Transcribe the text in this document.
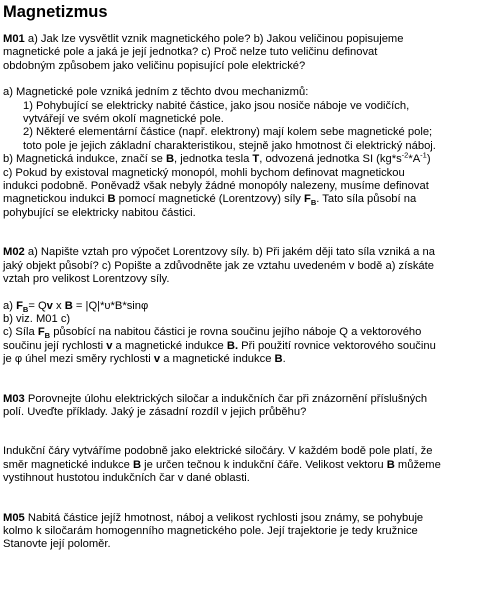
Magnetizmus

M01 a) Jak lze vysvětlit vznik magnetického pole? b) Jakou veličinou popisujeme

magnetické pole a jaká je její jednotka? c) Proč nelze tuto veličinu definovat

obdobným způsobem jako veličinu popisující pole elektrické?

a) Magnetické pole vzniká jedním z těchto dvou mechanizmů:

1) Pohybující se elektricky nabité částice, jako jsou nosiče náboje ve vodičích,

vytvářejí ve svém okolí magnetické pole.

2) Některé elementární částice (např. elektrony) mají kolem sebe magnetické pole;

toto pole je jejich základní charakteristikou, stejně jako hmotnost či elektrický náboj.

b) Magnetická indukce, značí se B, jednotka tesla T, odvozená jednotka SI $(kg*s^{-2}*A^{-1})$

c) Pokud by existoval magnetický monopól, mohli bychom definovat magnetickou

indukci podobně. Poněvadž však nebyly žádné monopóly nalezeny, musíme definovat

magnetickou indukci B pomocí magnetické (Lorentzovy) síly $F_B$. Tato síla působí na

pohybující se elektricky nabitou částici.

M02 a) Napište vztah pro výpočet Lorentzovy síly. b) Při jakém ději tato síla vzniká a na

jaký objekt působí? c) Popište a zdůvodněte jak ze vztahu uvedeném v bodě a) získáte

vztah pro velikost Lorentzovy síly.

a) $F_B= Qv$ x B = |Q|*υ*B*sinφ

b) viz. M01 c)

c) Síla $F_B$ působící na nabitou částici je rovna součinu jejího náboje Q a vektorového

součinu její rychlosti v a magnetické indukce B. Při použití rovnice vektorového součinu

je φ úhel mezi směry rychlosti v a magnetické indukce B.

M03 Porovnejte úlohu elektrických siločar a indukčních čar při znázornění příslušných

polí. Uveďte příklady. Jaký je zásadní rozdíl v jejich průběhu?

Indukční čáry vytváříme podobně jako elektrické siločáry. V každém bodě pole platí, že

směr magnetické indukce B je určen tečnou k indukční čáře. Velikost vektoru B můžeme

vystihnout hustotou indukčních čar v dané oblasti.

M05 Nabitá částice jejíž hmotnost, náboj a velikost rychlosti jsou známy, se pohybuje

kolmo k siločarám homogenního magnetického pole. Její trajektorie je tedy kružnice

Stanovte její poloměr.
